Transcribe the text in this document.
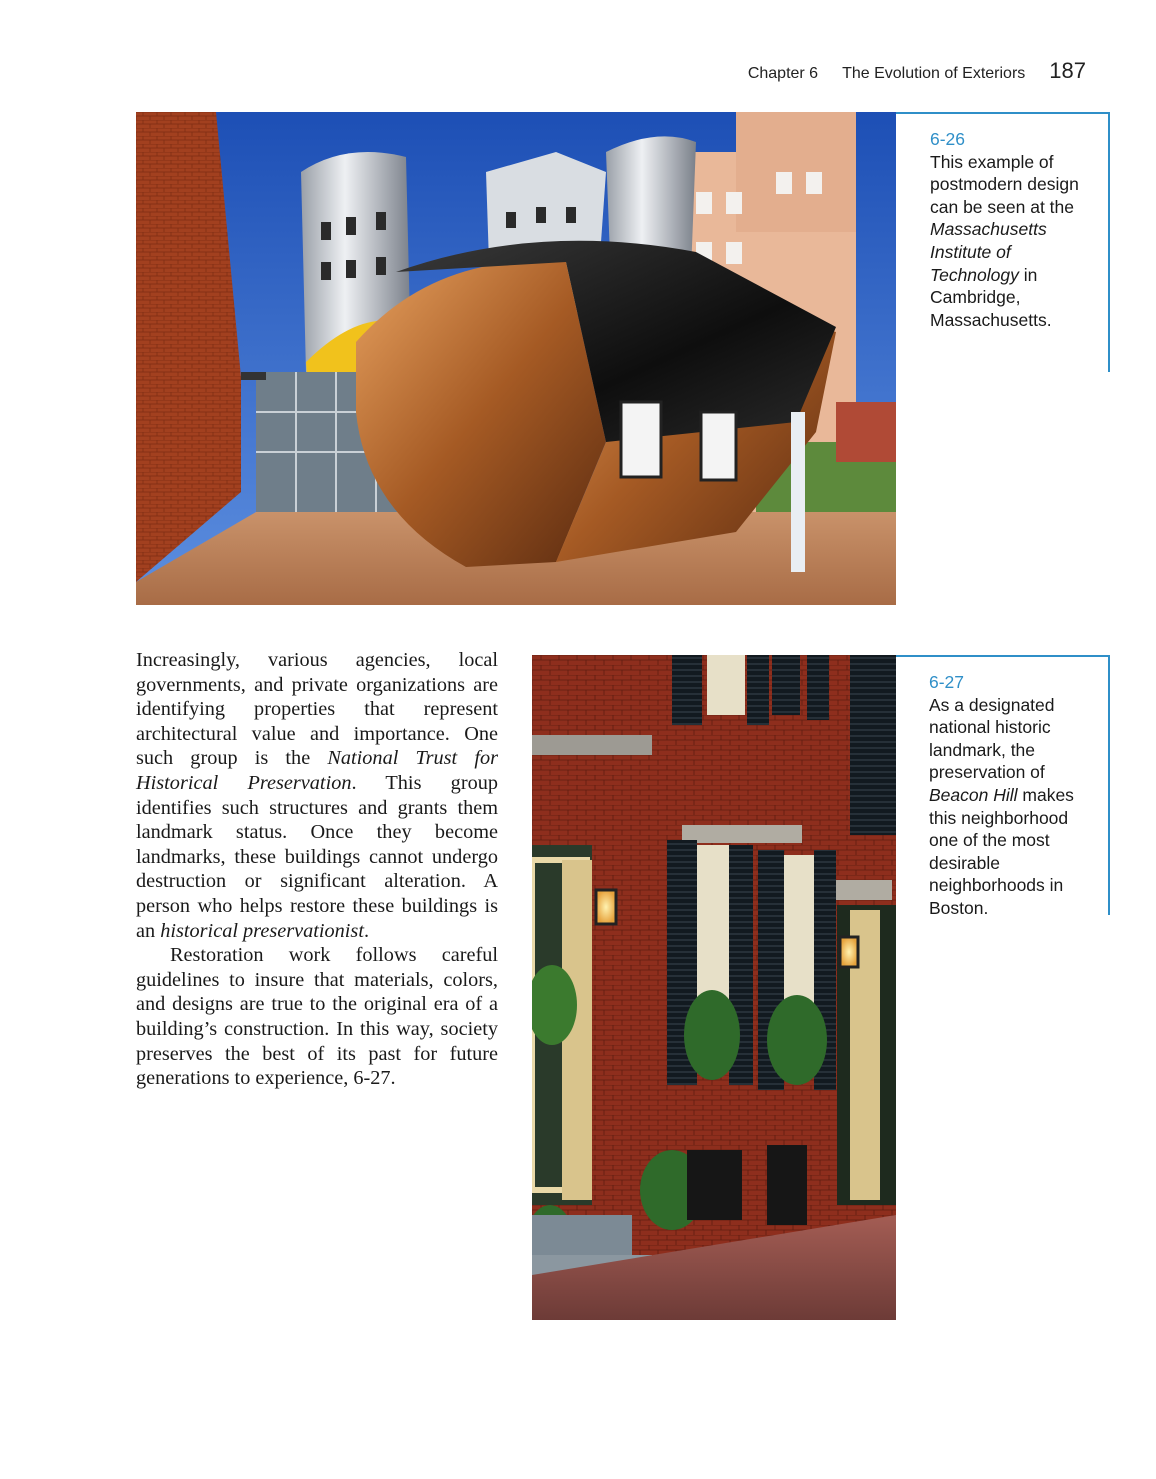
Chapter 6 The Evolution of Exteriors 187
6-26
This example of postmodern design can be seen at the Massachusetts Institute of Technology in Cambridge, Massachusetts.

Increasingly, various agencies, local governments, and private organizations are identifying properties that represent architectural value and importance. One such group is the National Trust for Historical Preservation. This group identifies such structures and grants them landmark status. Once they become landmarks, these buildings cannot undergo destruction or significant alteration. A person who helps restore these buildings is an historical preservationist.

Restoration work follows careful guidelines to insure that materials, colors, and designs are true to the original era of a building’s construction. In this way, society preserves the best of its past for future generations to experience, 6-27.

6-27
As a designated national historic landmark, the preservation of Beacon Hill makes this neighborhood one of the most desirable neighborhoods in Boston.
